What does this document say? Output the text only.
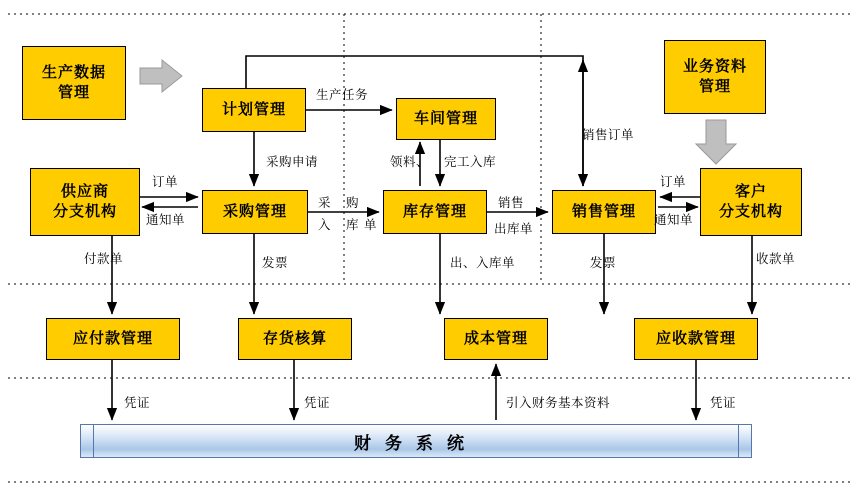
生产数据
管理
业务资料
管理
计划管理
车间管理
供应商
分支机构	采购管理	库存管理	销售管理
客户
分支机构
应付款管理	存货核算	成本管理	应收款管理
财务系统
生产任务
采购申请	领料、 完工入库
销售订单
订单
通知单
订单
通知单
采 购
入 库 单
销售
出库单
付款单	发票	出、入库单	发票	收款单
凭证	凭证	引入财务基本资料	凭证
